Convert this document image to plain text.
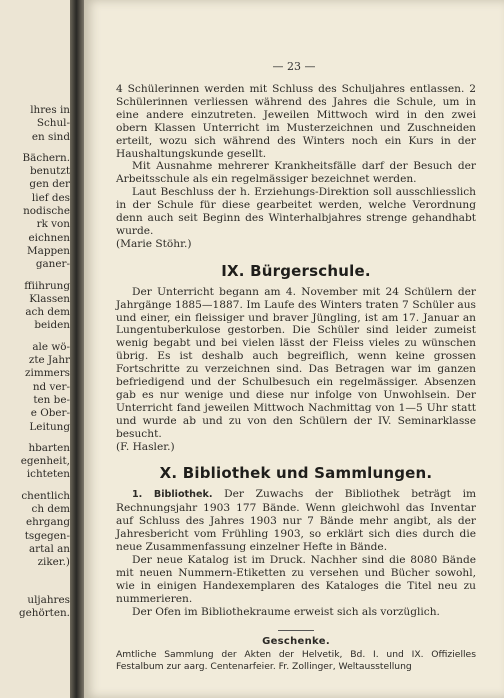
lhres in
Schul-
en sind
Bächern.
benutzt
gen der
lief des
nodische
rk von
eichnen
Mappen
ganer-
ffiihrung
Klassen
ach dem
beiden
ale wö-
zte Jahr
zimmers
nd ver-
ten be-
e Ober-
Leitung
hbarten
egenheit,
ichteten
chentlich
ch dem
ehrgang
tsgegen-
artal an
ziker.)
uljahres
gehörten.
— 23 —

4 Schülerinnen werden mit Schluss des Schuljahres entlassen. 2 Schülerinnen verliessen während des Jahres die Schule, um in eine andere einzutreten. Jeweilen Mittwoch wird in den zwei obern Klassen Unterricht im Musterzeichnen und Zuschneiden erteilt, wozu sich während des Winters noch ein Kurs in der Haushaltungskunde gesellt.

Mit Ausnahme mehrerer Krankheitsfälle darf der Besuch der Arbeitsschule als ein regelmässiger bezeichnet werden.

Laut Beschluss der h. Erziehungs-Direktion soll ausschliesslich in der Schule für diese gearbeitet werden, welche Verordnung denn auch seit Beginn des Winterhalbjahres strenge gehandhabt wurde.

(Marie Stöhr.)

IX. Bürgerschule.

Der Unterricht begann am 4. November mit 24 Schülern der Jahrgänge 1885—1887. Im Laufe des Winters traten 7 Schüler aus und einer, ein fleissiger und braver Jüngling, ist am 17. Januar an Lungentuberkulose gestorben. Die Schüler sind leider zumeist wenig begabt und bei vielen lässt der Fleiss vieles zu wünschen übrig. Es ist deshalb auch begreiflich, wenn keine grossen Fortschritte zu verzeichnen sind. Das Betragen war im ganzen befriedigend und der Schulbesuch ein regelmässiger. Absenzen gab es nur wenige und diese nur infolge von Unwohlsein. Der Unterricht fand jeweilen Mittwoch Nachmittag von 1—5 Uhr statt und wurde ab und zu von den Schülern der IV. Seminarklasse besucht.

(F. Hasler.)

X. Bibliothek und Sammlungen.

1. Bibliothek. Der Zuwachs der Bibliothek beträgt im Rechnungsjahr 1903 177 Bände. Wenn gleichwohl das Inventar auf Schluss des Jahres 1903 nur 7 Bände mehr angibt, als der Jahresbericht vom Frühling 1903, so erklärt sich dies durch die neue Zusammenfassung einzelner Hefte in Bände.

Der neue Katalog ist im Druck. Nachher sind die 8080 Bände mit neuen Nummern-Etiketten zu versehen und Bücher sowohl, wie in einigen Handexemplaren des Kataloges die Titel neu zu nummerieren.

Der Ofen im Bibliothekraume erweist sich als vorzüglich.

Geschenke.

Amtliche Sammlung der Akten der Helvetik, Bd. I. und IX. Offizielles Festalbum zur aarg. Centenarfeier. Fr. Zollinger, Weltausstellung
